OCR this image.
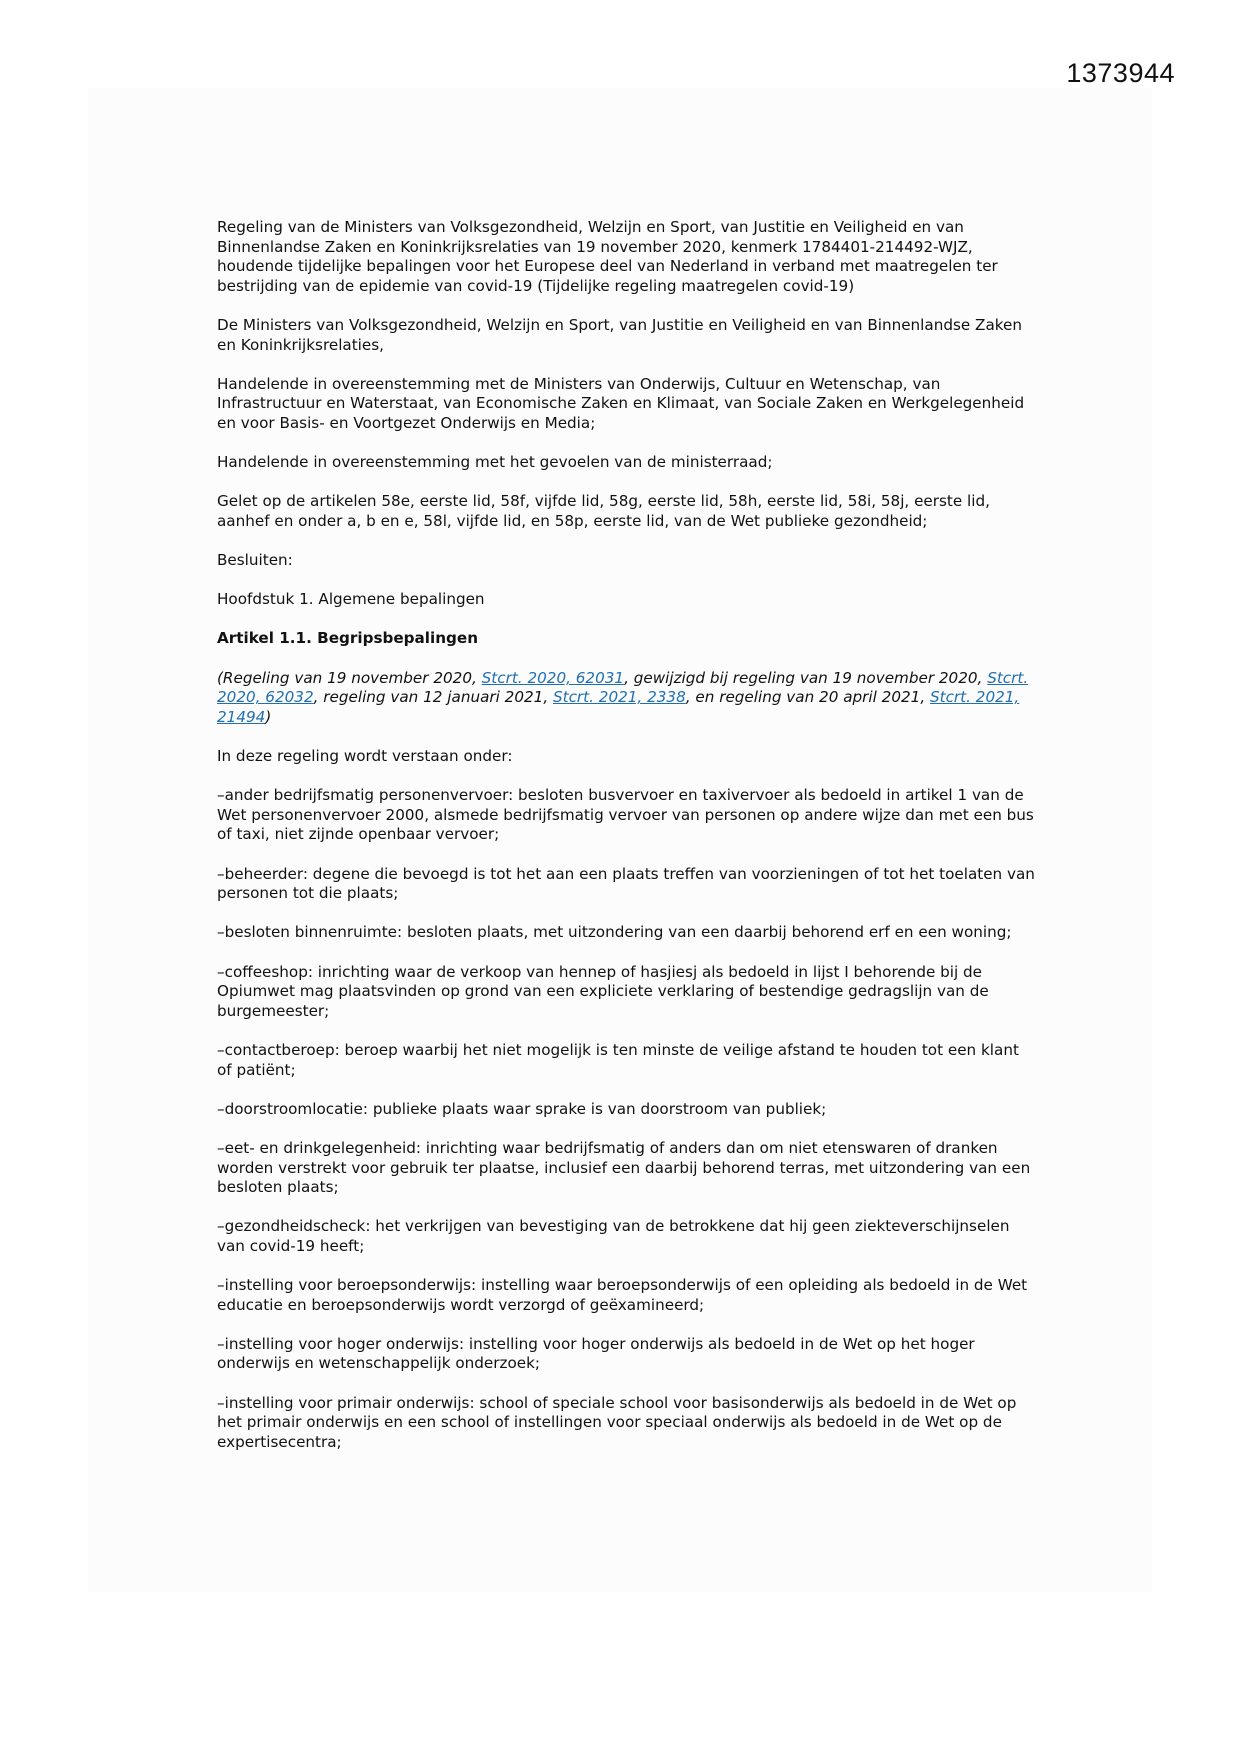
1373944

Regeling van de Ministers van Volksgezondheid, Welzijn en Sport, van Justitie en Veiligheid en van Binnenlandse Zaken en Koninkrijksrelaties van 19 november 2020, kenmerk 1784401-214492-WJZ, houdende tijdelijke bepalingen voor het Europese deel van Nederland in verband met maatregelen ter bestrijding van de epidemie van covid-19 (Tijdelijke regeling maatregelen covid-19)

De Ministers van Volksgezondheid, Welzijn en Sport, van Justitie en Veiligheid en van Binnenlandse Zaken en Koninkrijksrelaties,

Handelende in overeenstemming met de Ministers van Onderwijs, Cultuur en Wetenschap, van Infrastructuur en Waterstaat, van Economische Zaken en Klimaat, van Sociale Zaken en Werkgelegenheid en voor Basis- en Voortgezet Onderwijs en Media;

Handelende in overeenstemming met het gevoelen van de ministerraad;

Gelet op de artikelen 58e, eerste lid, 58f, vijfde lid, 58g, eerste lid, 58h, eerste lid, 58i, 58j, eerste lid, aanhef en onder a, b en e, 58l, vijfde lid, en 58p, eerste lid, van de Wet publieke gezondheid;

Besluiten:

Hoofdstuk 1. Algemene bepalingen

Artikel 1.1. Begripsbepalingen

(Regeling van 19 november 2020, Stcrt. 2020, 62031, gewijzigd bij regeling van 19 november 2020, Stcrt. 2020, 62032, regeling van 12 januari 2021, Stcrt. 2021, 2338, en regeling van 20 april 2021, Stcrt. 2021, 21494)

In deze regeling wordt verstaan onder:

–ander bedrijfsmatig personenvervoer: besloten busvervoer en taxivervoer als bedoeld in artikel 1 van de Wet personenvervoer 2000, alsmede bedrijfsmatig vervoer van personen op andere wijze dan met een bus of taxi, niet zijnde openbaar vervoer;

–beheerder: degene die bevoegd is tot het aan een plaats treffen van voorzieningen of tot het toelaten van personen tot die plaats;

–besloten binnenruimte: besloten plaats, met uitzondering van een daarbij behorend erf en een woning;

–coffeeshop: inrichting waar de verkoop van hennep of hasjiesj als bedoeld in lijst I behorende bij de Opiumwet mag plaatsvinden op grond van een expliciete verklaring of bestendige gedragslijn van de burgemeester;

–contactberoep: beroep waarbij het niet mogelijk is ten minste de veilige afstand te houden tot een klant of patiënt;

–doorstroomlocatie: publieke plaats waar sprake is van doorstroom van publiek;

–eet- en drinkgelegenheid: inrichting waar bedrijfsmatig of anders dan om niet etenswaren of dranken worden verstrekt voor gebruik ter plaatse, inclusief een daarbij behorend terras, met uitzondering van een besloten plaats;

–gezondheidscheck: het verkrijgen van bevestiging van de betrokkene dat hij geen ziekteverschijnselen van covid-19 heeft;

–instelling voor beroepsonderwijs: instelling waar beroepsonderwijs of een opleiding als bedoeld in de Wet educatie en beroepsonderwijs wordt verzorgd of geëxamineerd;

–instelling voor hoger onderwijs: instelling voor hoger onderwijs als bedoeld in de Wet op het hoger onderwijs en wetenschappelijk onderzoek;

–instelling voor primair onderwijs: school of speciale school voor basisonderwijs als bedoeld in de Wet op het primair onderwijs en een school of instellingen voor speciaal onderwijs als bedoeld in de Wet op de expertisecentra;
